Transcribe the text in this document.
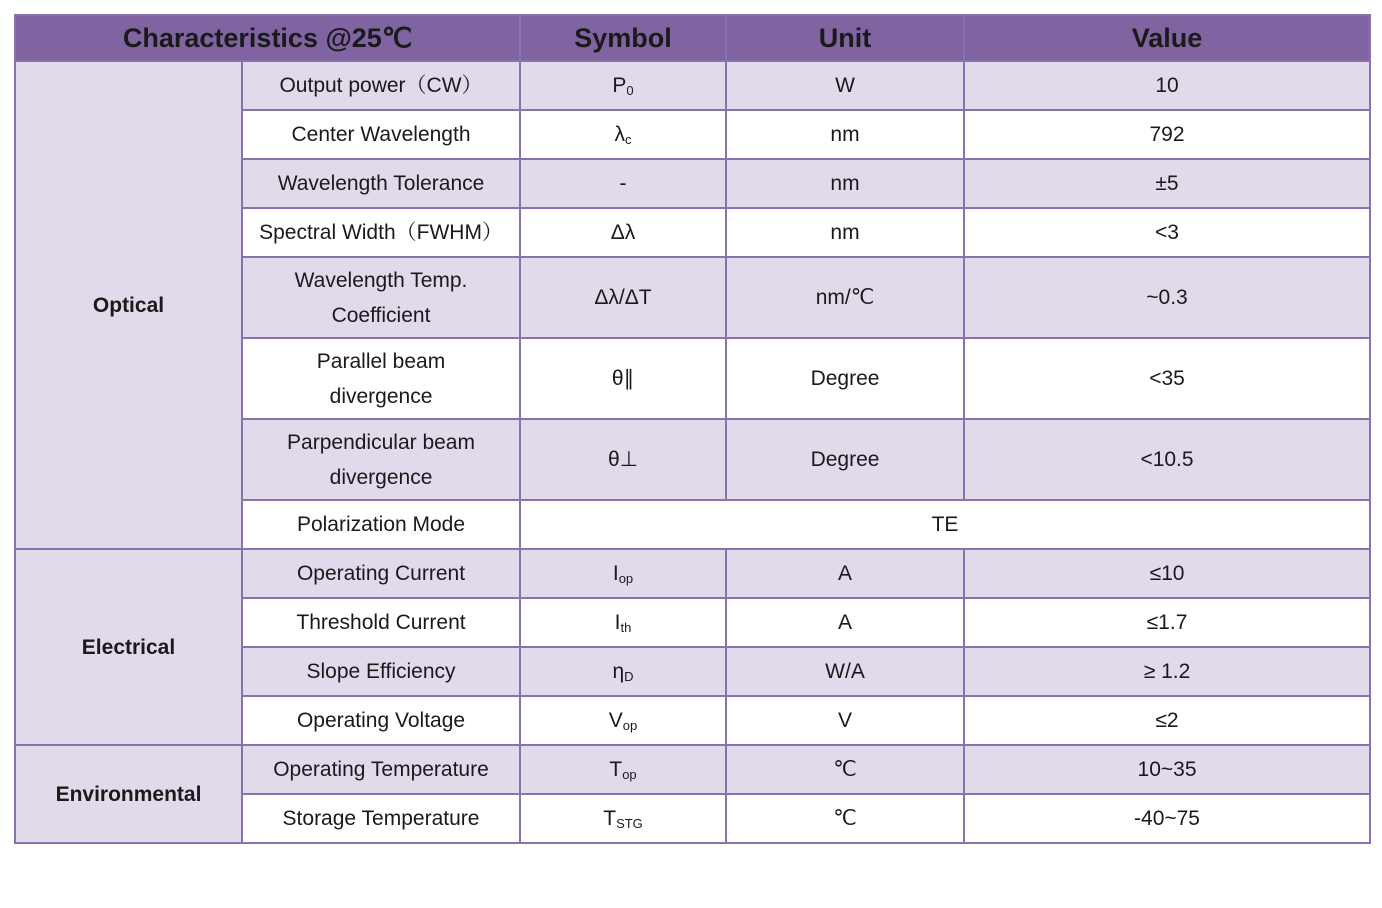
Characteristics @25℃		Symbol	Unit	Value
Optical	Output power（CW）	$P_0$	W	10
	Center Wavelength	$\lambda_c$	nm	792
	Wavelength Tolerance	-	nm	±5
	Spectral Width（FWHM）	Δλ	nm	<3
	Wavelength Temp. Coefficient	Δλ/ΔT	nm/℃	~0.3
	Parallel beam divergence	θ∥	Degree	<35
	Parpendicular beam divergence	θ⊥	Degree	<10.5
	Polarization Mode	TE		
Electrical	Operating Current	$I_{op}$	A	≤10
	Threshold Current	$I_{th}$	A	≤1.7
	Slope Efficiency	$\eta_D$	W/A	≥ 1.2
	Operating Voltage	$V_{op}$	V	≤2
Environmental	Operating Temperature	$T_{op}$	℃	10~35
	Storage Temperature	$T_{STG}$	℃	-40~75
